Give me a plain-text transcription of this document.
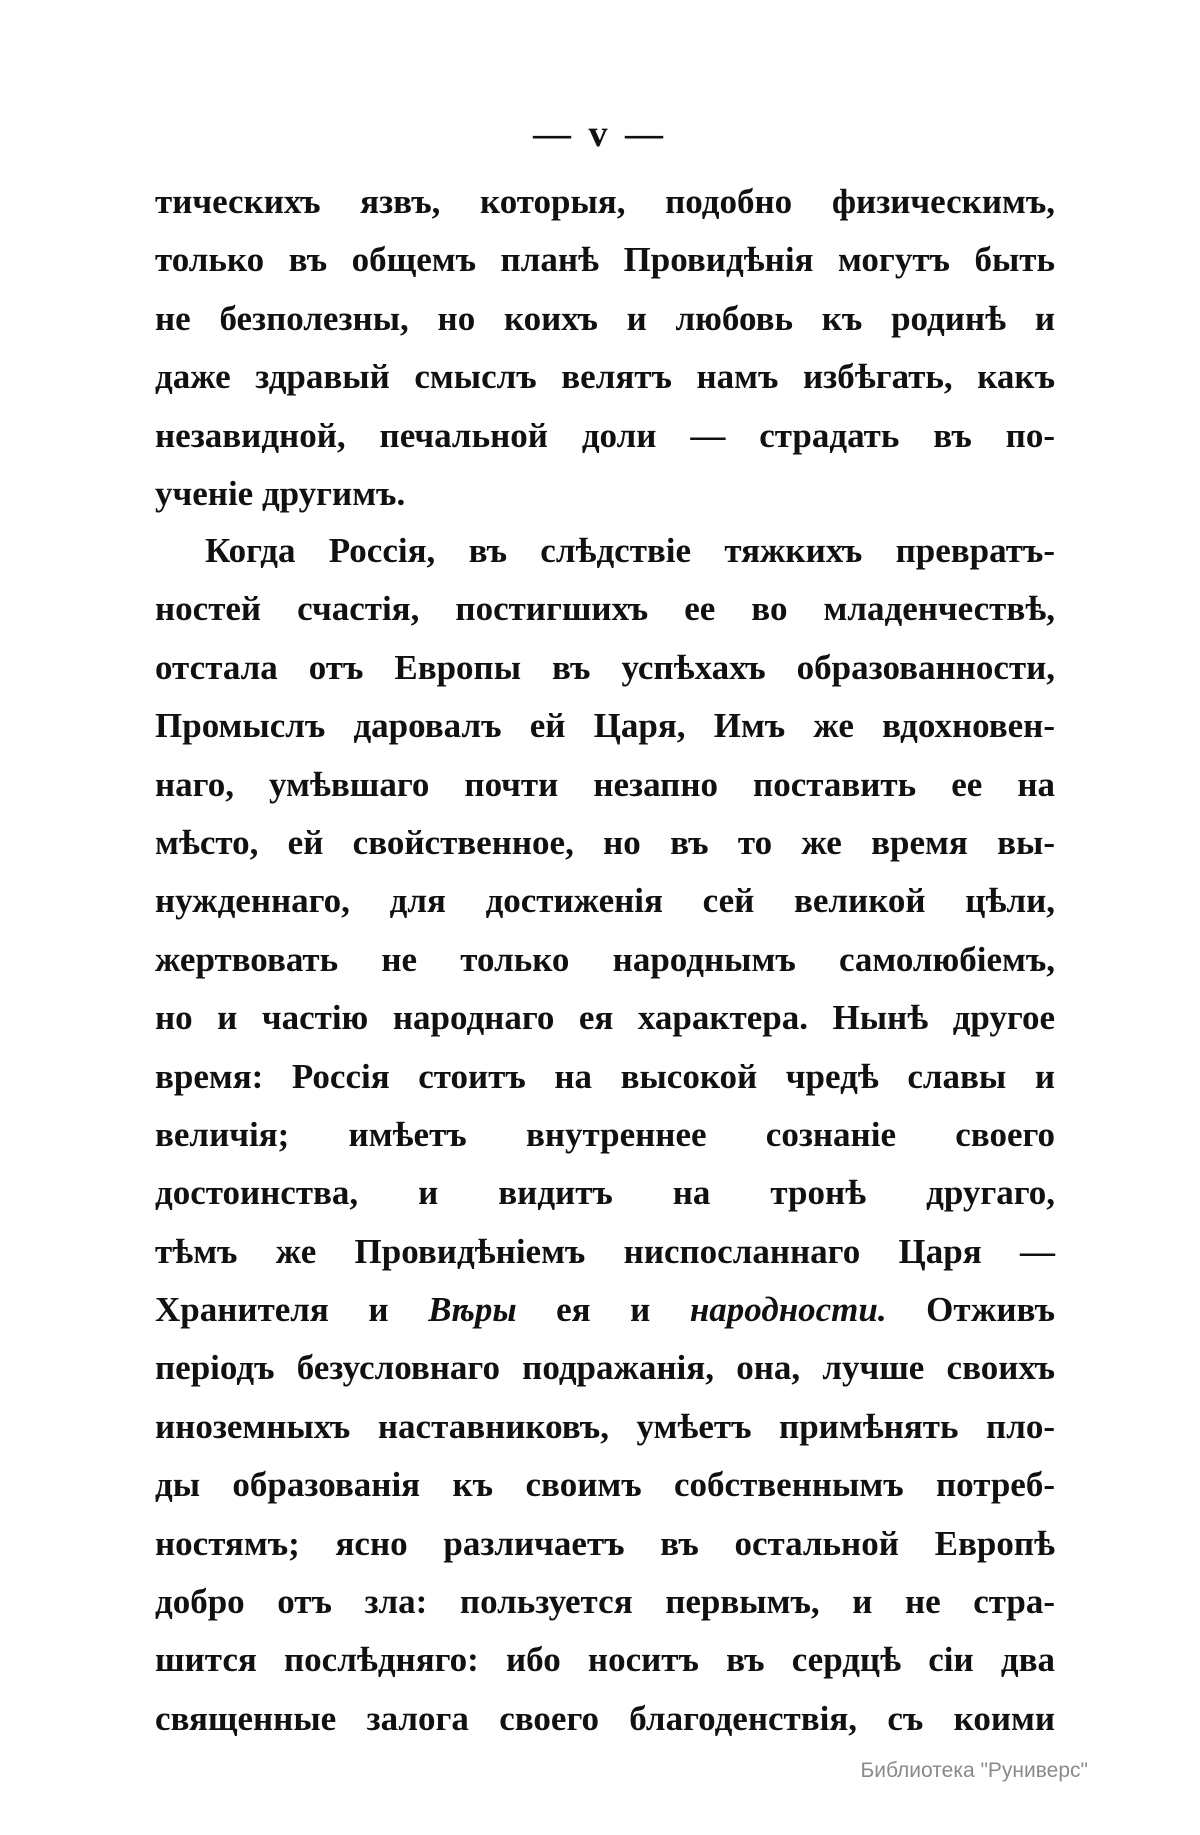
— v —
тическихъ язвъ, которыя, подобно физическимъ,
только въ общемъ планѣ Провидѣнія могутъ быть
не безполезны, но коихъ и любовь къ родинѣ и
даже здравый смыслъ велятъ намъ избѣгать, какъ
незавидной, печальной доли — страдать въ по-
ученіе другимъ.
Когда Россія, въ слѣдствіе тяжкихъ превратъ-
ностей счастія, постигшихъ ее во младенчествѣ,
отстала отъ Европы въ успѣхахъ образованности,
Промыслъ даровалъ ей Царя, Имъ же вдохновен-
наго, умѣвшаго почти незапно поставить ее на
мѣсто, ей свойственное, но въ то же время вы-
нужденнаго, для достиженія сей великой цѣли,
жертвовать не только народнымъ самолюбіемъ,
но и частію народнаго ея характера. Нынѣ другое
время: Россія стоитъ на высокой чредѣ славы и
величія; имѣетъ внутреннее сознаніе своего
достоинства, и видитъ на тронѣ другаго,
тѣмъ же Провидѣніемъ ниспосланнаго Царя —
Хранителя и Вѣры ея и народности. Отживъ
періодъ безусловнаго подражанія, она, лучше своихъ
иноземныхъ наставниковъ, умѣетъ примѣнять пло-
ды образованія къ своимъ собственнымъ потреб-
ностямъ; ясно различаетъ въ остальной Европѣ
добро отъ зла: пользуется первымъ, и не стра-
шится послѣдняго: ибо носитъ въ сердцѣ сіи два
священные залога своего благоденствія, съ коими
Библиотека "Руниверс"
